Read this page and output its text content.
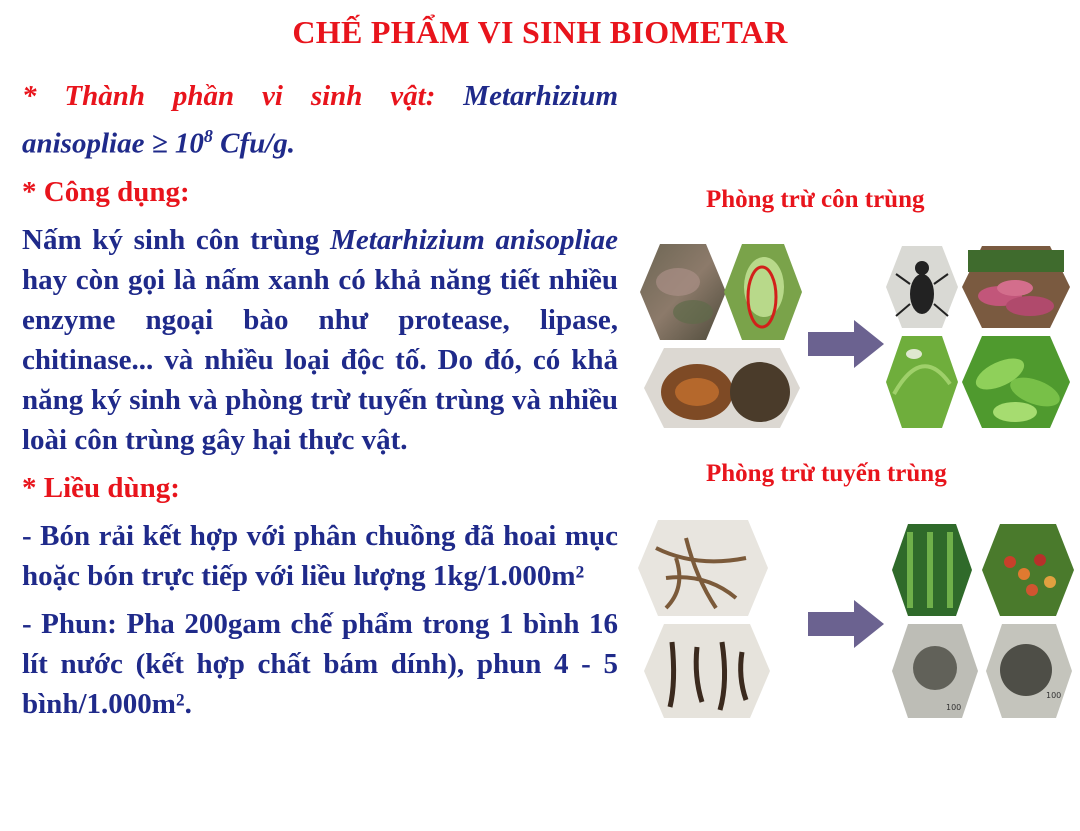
CHẾ PHẨM VI SINH BIOMETAR
* Thành phần vi sinh vật: Metarhizium anisopliae ≥ $10^8$ Cfu/g.
* Công dụng:
Nấm ký sinh côn trùng Metarhizium anisopliae hay còn gọi là nấm xanh có khả năng tiết nhiều enzyme ngoại bào như protease, lipase, chitinase... và nhiều loại độc tố. Do đó, có khả năng ký sinh và phòng trừ tuyến trùng và nhiều loài côn trùng gây hại thực vật.
* Liều dùng:
- Bón rải kết hợp với phân chuồng đã hoai mục hoặc bón trực tiếp với liều lượng 1kg/1.000m²
- Phun: Pha 200gam chế phẩm trong 1 bình 16 lít nước (kết hợp chất bám dính), phun 4 - 5 bình/1.000m².
Phòng trừ côn trùng
Phòng trừ tuyến trùng
100
100
